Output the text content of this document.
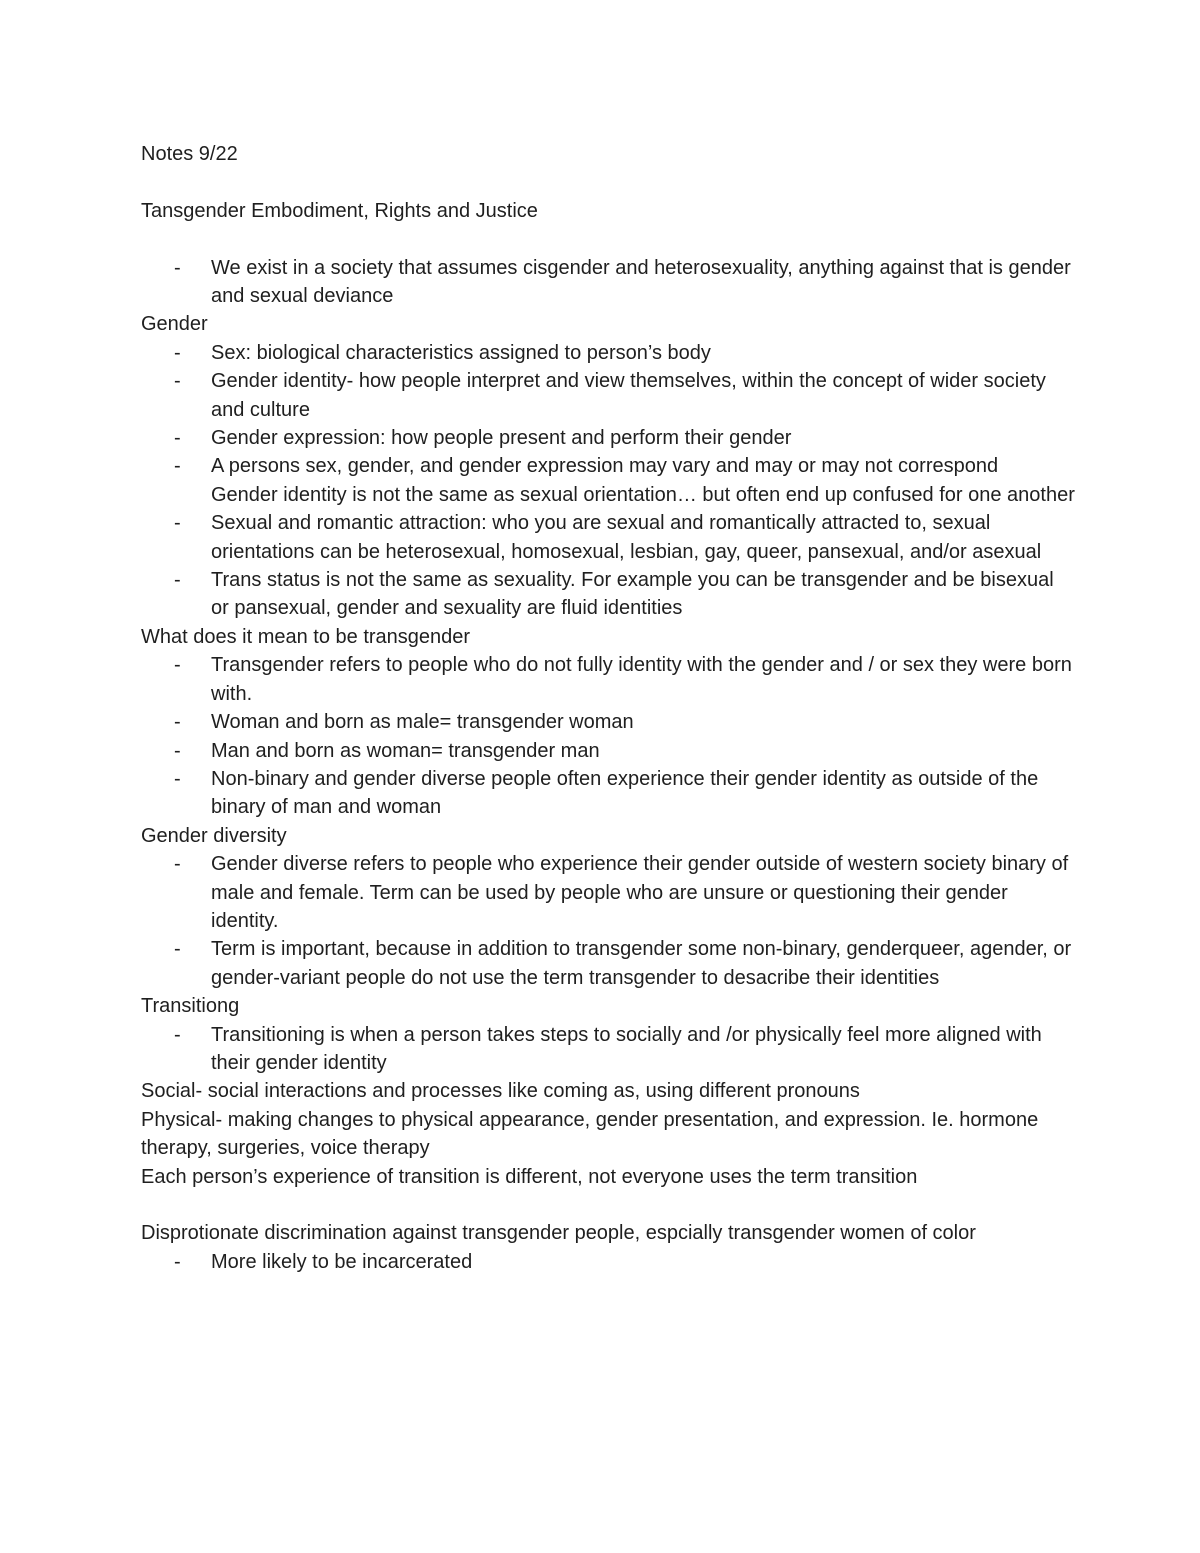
Notes 9/22

Tansgender Embodiment, Rights and Justice

- We exist in a society that assumes cisgender and heterosexuality, anything against that is gender and sexual deviance

Gender

- Sex: biological characteristics assigned to person’s body
- Gender identity- how people interpret and view themselves, within the concept of wider society and culture
- Gender expression: how people present and perform their gender
- A persons sex, gender, and gender expression may vary and may or may not correspond
Gender identity is not the same as sexual orientation… but often end up confused for one another
- Sexual and romantic attraction: who you are sexual and romantically attracted to, sexual orientations can be heterosexual, homosexual, lesbian, gay, queer, pansexual, and/or asexual
- Trans status is not the same as sexuality. For example you can be transgender and be bisexual or pansexual, gender and sexuality are fluid identities

What does it mean to be transgender

- Transgender refers to people who do not fully identity with the gender and / or sex they were born with.
- Woman and born as male= transgender woman
- Man and born as woman= transgender man
- Non-binary and gender diverse people often experience their gender identity as outside of the binary of man and woman

Gender diversity

- Gender diverse refers to people who experience their gender outside of western society binary of male and female. Term can be used by people who are unsure or questioning their gender identity.
- Term is important, because in addition to transgender some non-binary, genderqueer, agender, or gender-variant people do not use the term transgender to desacribe their identities

Transitiong

- Transitioning is when a person takes steps to socially and /or physically feel more aligned with their gender identity

Social- social interactions and processes like coming as, using different pronouns

Physical- making changes to physical appearance, gender presentation, and expression. Ie. hormone therapy, surgeries, voice therapy

Each person’s experience of transition is different, not everyone uses the term transition

Disprotionate discrimination against transgender people, espcially transgender women of color

- More likely to be incarcerated
